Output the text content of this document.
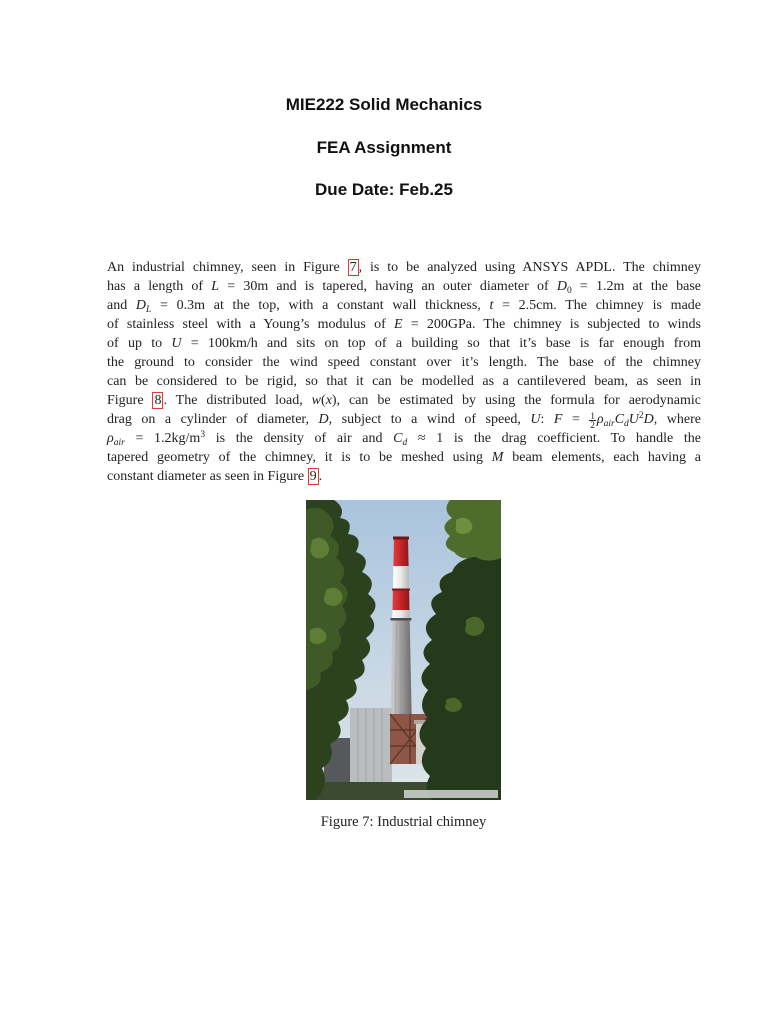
MIE222 Solid Mechanics
FEA Assignment
Due Date: Feb.25
An industrial chimney, seen in Figure 7 , is to be analyzed using ANSYS APDL. The chimney
has a length of L = 30m and is tapered, having an outer diameter of $D_0 = 1.2m$ at the base
and $D_L = 0.3m$ at the top, with a constant wall thickness, t = 2.5cm. The chimney is made
of stainless steel with a Young’s modulus of E = 200GPa. The chimney is subjected to winds
of up to U = 100km/h and sits on top of a building so that it’s base is far enough from
the ground to consider the wind speed constant over it’s length. The base of the chimney
can be considered to be rigid, so that it can be modelled as a cantilevered beam, as seen in
Figure 8 . The distributed load, w(x), can be estimated by using the formula for aerodynamic
drag on a cylinder of diameter, D, subject to a wind of speed, U: $F = \frac{1}{2} \rho_{air}C_dU^2D$, where
$\rho_{air} = 1.2kg/m^3$ is the density of air and $C_d \approx 1$ is the drag coefficient. To handle the
tapered geometry of the chimney, it is to be meshed using M beam elements, each having a
constant diameter as seen in Figure 9 .
Figure 7: Industrial chimney
